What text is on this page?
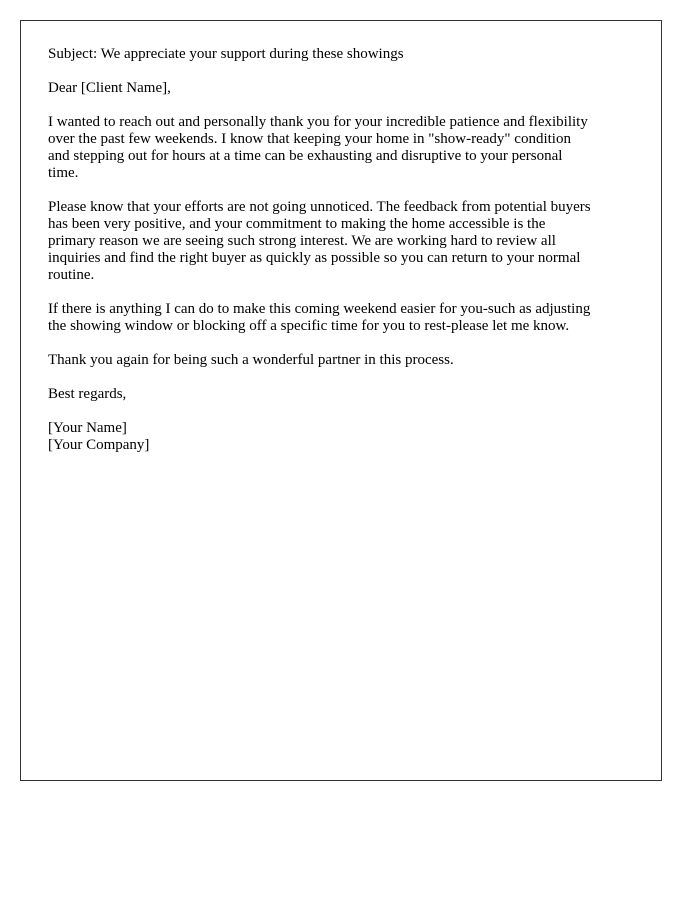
Subject: We appreciate your support during these showings

Dear [Client Name],

I wanted to reach out and personally thank you for your incredible patience and flexibility
over the past few weekends. I know that keeping your home in "show-ready" condition
and stepping out for hours at a time can be exhausting and disruptive to your personal
time.

Please know that your efforts are not going unnoticed. The feedback from potential buyers
has been very positive, and your commitment to making the home accessible is the
primary reason we are seeing such strong interest. We are working hard to review all
inquiries and find the right buyer as quickly as possible so you can return to your normal
routine.

If there is anything I can do to make this coming weekend easier for you-such as adjusting
the showing window or blocking off a specific time for you to rest-please let me know.

Thank you again for being such a wonderful partner in this process.

Best regards,

[Your Name]
[Your Company]
